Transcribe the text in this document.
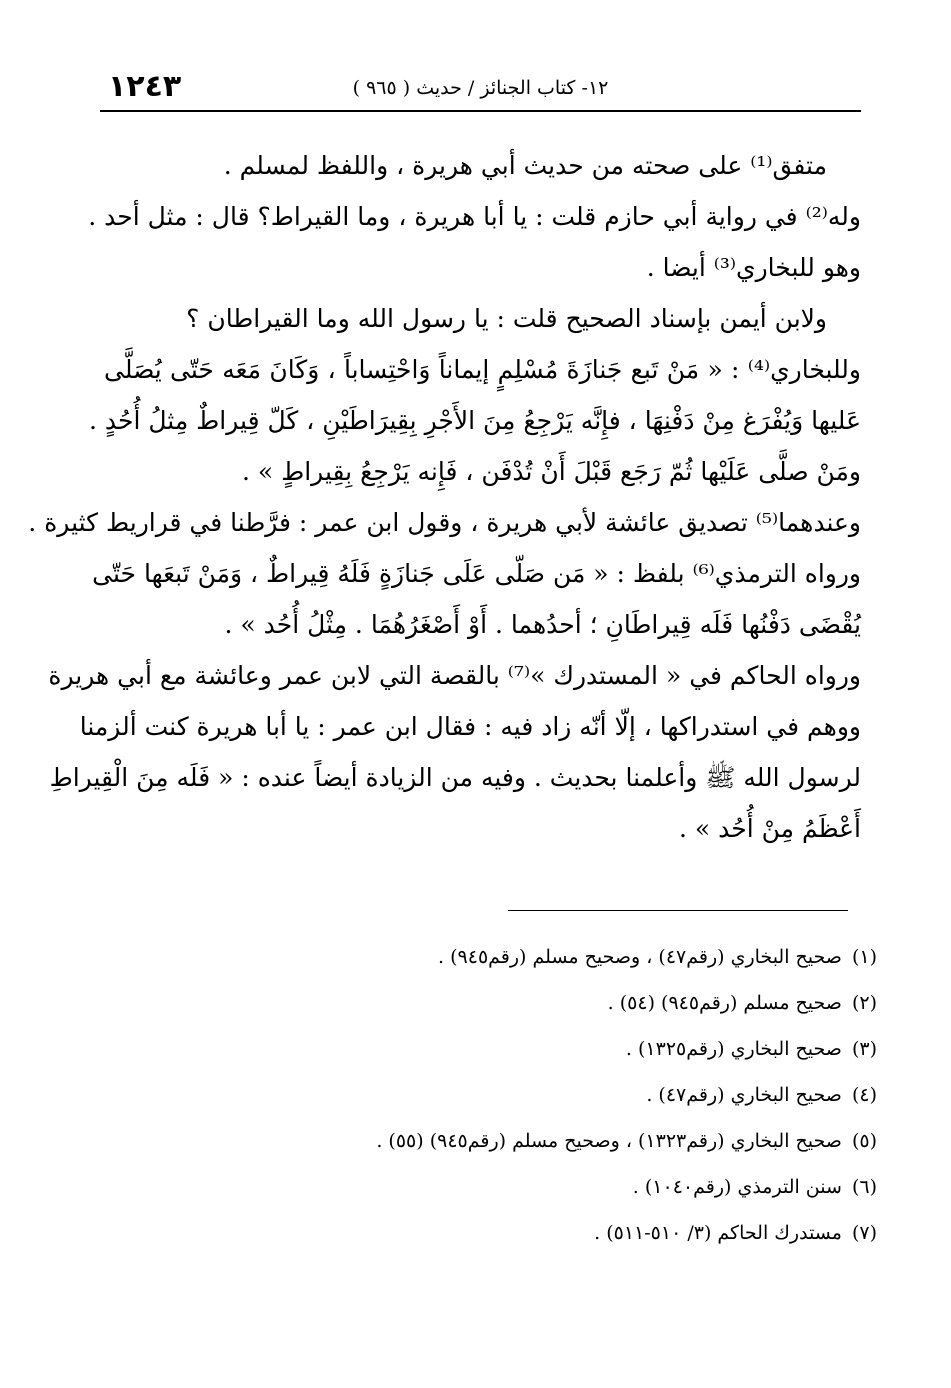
١٢٤٣	١٢- كتاب الجنائز / حديث ( ٩٦٥ )
متفق⁽¹⁾ على صحته من حديث أبي هريرة ، واللفظ لمسلم .
وله⁽²⁾ في رواية أبي حازم قلت : يا أبا هريرة ، وما القيراط؟ قال : مثل أحد .
وهو للبخاري⁽³⁾ أيضا .
ولابن أيمن بإسناد الصحيح قلت : يا رسول الله وما القيراطان ؟
وللبخاري⁽⁴⁾ : « مَنْ تَبع جَنازَةَ مُسْلِمٍ إيماناً وَاحْتِساباً ، وَكَانَ مَعَه حَتّى يُصَلَّى
عَليها وَيُفْرَغ مِنْ دَفْنِهَا ، فإِنَّه يَرْجِعُ مِنَ الأَجْرِ بِقِيرَاطَيْنِ ، كَلّ قِيراطٌ مِثلُ أُحُدٍ .
ومَنْ صلَّى عَلَيْها ثُمّ رَجَع قَبْلَ أَنْ تُدْفَن ، فَإِنه يَرْجِعُ بِقِيراطٍ » .
وعندهما⁽⁵⁾ تصديق عائشة لأبي هريرة ، وقول ابن عمر : فرَّطنا في قراريط كثيرة .
ورواه الترمذي⁽⁶⁾ بلفظ : « مَن صَلّى عَلَى جَنازَةٍ فَلَهُ قِيراطٌ ، وَمَنْ تَبعَها حَتّى
يُقْضَى دَفْنُها فَلَه قِيراطَانِ ؛ أحدُهما . أَوْ أَصْغَرُهُمَا . مِثْلُ أُحُد » .
ورواه الحاكم في « المستدرك »⁽⁷⁾ بالقصة التي لابن عمر وعائشة مع أبي هريرة
ووهم في استدراكها ، إلّا أنّه زاد فيه : فقال ابن عمر : يا أبا هريرة كنت ألزمنا
لرسول الله ﷺ وأعلمنا بحديث . وفيه من الزيادة أيضاً عنده : « فَلَه مِنَ الْقِيراطِ
أَعْظَمُ مِنْ أُحُد » .
(١)صحيح البخاري (رقم٤٧) ، وصحيح مسلم (رقم٩٤٥) .
(٢)صحيح مسلم (رقم٩٤٥) (٥٤) .
(٣)صحيح البخاري (رقم١٣٢٥) .
(٤)صحيح البخاري (رقم٤٧) .
(٥)صحيح البخاري (رقم١٣٢٣) ، وصحيح مسلم (رقم٩٤٥) (٥٥) .
(٦)سنن الترمذي (رقم١٠٤٠) .
(٧)مستدرك الحاكم (٣/ ٥١٠-٥١١) .
